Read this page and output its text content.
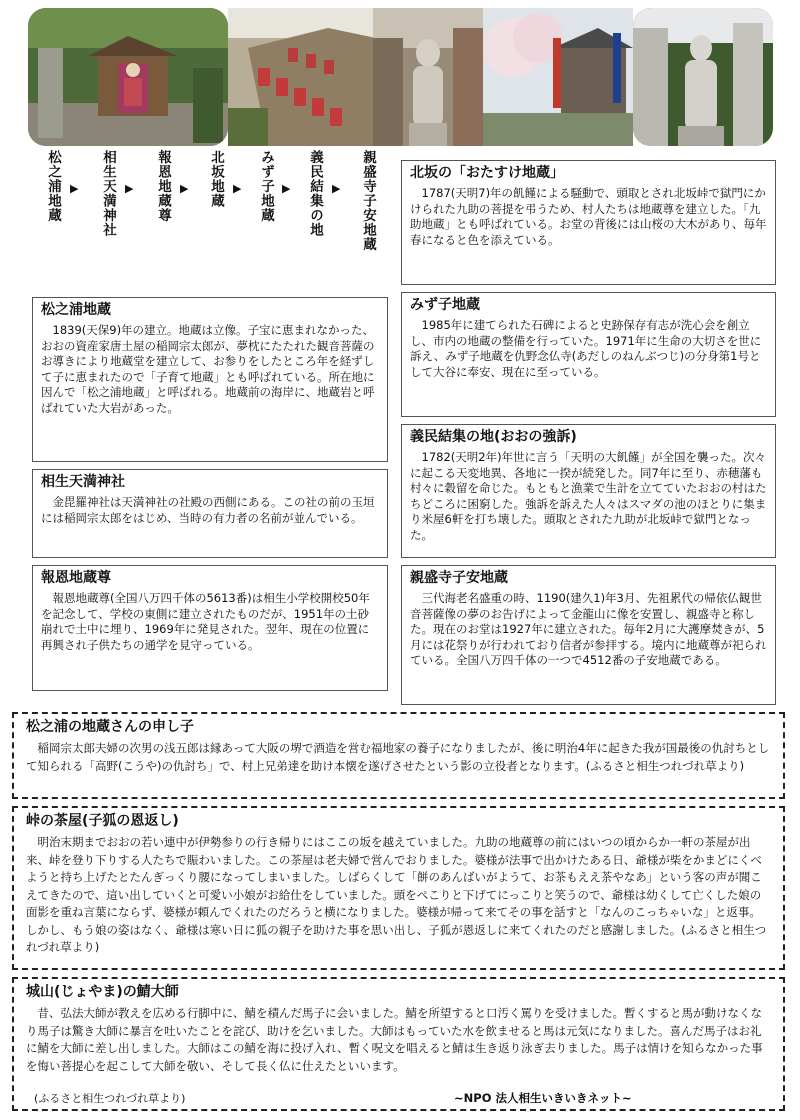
松之浦地蔵 ▶	相生天満神社 ▶	報恩地蔵尊 ▶	北坂地蔵 ▶	みず子地蔵 ▶	義民結集の地 ▶	親盛寺子安地蔵
松之浦地蔵

1839(天保9)年の建立。地蔵は立像。子宝に恵まれなかった、おおの資産家唐土屋の稲岡宗太郎が、夢枕にたたれた観音菩薩のお導きにより地蔵堂を建立して、お参りをしたところ年を経ずして子に恵まれたので「子育て地蔵」とも呼ばれている。所在地に因んで「松之浦地蔵」と呼ばれる。地蔵前の海岸に、地蔵岩と呼ばれていた大岩があった。

相生天満神社

金毘羅神社は天満神社の社殿の西側にある。この社の前の玉垣には稲岡宗太郎をはじめ、当時の有力者の名前が並んでいる。

報恩地蔵尊

報恩地蔵尊(全国八万四千体の5613番)は相生小学校開校50年を記念して、学校の東側に建立されたものだが、1951年の土砂崩れで土中に埋り、1969年に発見された。翌年、現在の位置に再興され子供たちの通学を見守っている。

北坂の「おたすけ地蔵」

1787(天明7)年の飢饉による騒動で、頭取とされ北坂峠で獄門にかけられた九助の菩提を弔うため、村人たちは地蔵尊を建立した。「九助地蔵」とも呼ばれている。お堂の背後には山桜の大木があり、毎年春になると色を添えている。

みず子地蔵

1985年に建てられた石碑によると史跡保存有志が洗心会を創立し、市内の地蔵の整備を行っていた。1971年に生命の大切さを世に訴え、みず子地蔵を仇野念仏寺(あだしのねんぶつじ)の分身第1号として大谷に奉安、現在に至っている。

義民結集の地(おおの強訴)

1782(天明2年)年世に言う「天明の大飢饉」が全国を襲った。次々に起こる天変地異、各地に一揆が続発した。同7年に至り、赤穂藩も村々に穀留を命じた。もともと漁業で生計を立てていたおおの村はたちどころに困窮した。強訴を訴えた人々はスマダの池のほとりに集まり米屋6軒を打ち壊した。頭取とされた九助が北坂峠で獄門となった。

親盛寺子安地蔵

三代海老名盛重の時、1190(建久1)年3月、先祖累代の帰依仏観世音菩薩像の夢のお告げによって金龍山に像を安置し、親盛寺と称した。現在のお堂は1927年に建立された。毎年2月に大護摩焚きが、5月には花祭りが行われており信者が参拝する。境内に地蔵尊が祀られている。全国八万四千体の一つで4512番の子安地蔵である。

松之浦の地蔵さんの申し子

稲岡宗太郎夫婦の次男の浅五郎は縁あって大阪の堺で酒造を営む福地家の養子になりましたが、後に明治4年に起きた我が国最後の仇討ちとして知られる「高野(こうや)の仇討ち」で、村上兄弟達を助け本懐を遂げさせたという影の立役者となります。(ふるさと相生つれづれ草より)

峠の茶屋(子狐の恩返し)

明治末期までおおの若い連中が伊勢参りの行き帰りにはここの坂を越えていました。九助の地蔵尊の前にはいつの頃からか一軒の茶屋が出来、峠を登り下りする人たちで賑わいました。この茶屋は老夫婦で営んでおりました。婆様が法事で出かけたある日、爺様が柴をかまどにくべようと持ち上げたとたんぎっくり腰になってしまいました。しばらくして「餅のあんばいがようて、お茶もええ茶やなあ」という客の声が聞こえてきたので、這い出していくと可愛い小娘がお給仕をしていました。頭をぺこりと下げてにっこりと笑うので、爺様は幼くして亡くした娘の面影を重ね言葉にならず、婆様が頼んでくれたのだろうと横になりました。婆様が帰って来てその事を話すと「なんのこっちゃいな」と返事。しかし、もう娘の姿はなく、爺様は寒い日に狐の親子を助けた事を思い出し、子狐が恩返しに来てくれたのだと感謝しました。(ふるさと相生つれづれ草より)

城山(じょやま)の鯖大師

昔、弘法大師が教えを広める行脚中に、鯖を積んだ馬子に会いました。鯖を所望すると口汚く罵りを受けました。暫くすると馬が動けなくなり馬子は驚き大師に暴言を吐いたことを詫び、助けを乞いました。大師はもっていた水を飲ませると馬は元気になりました。喜んだ馬子はお礼に鯖を大師に差し出しました。大師はこの鯖を海に投げ入れ、暫く呪文を唱えると鯖は生き返り泳ぎ去りました。馬子は情けを知らなかった事を悔い菩提心を起こして大師を敬い、そして長く仏に仕えたといいます。

(ふるさと相生つれづれ草より)	~NPO 法人相生いきいきネット~
